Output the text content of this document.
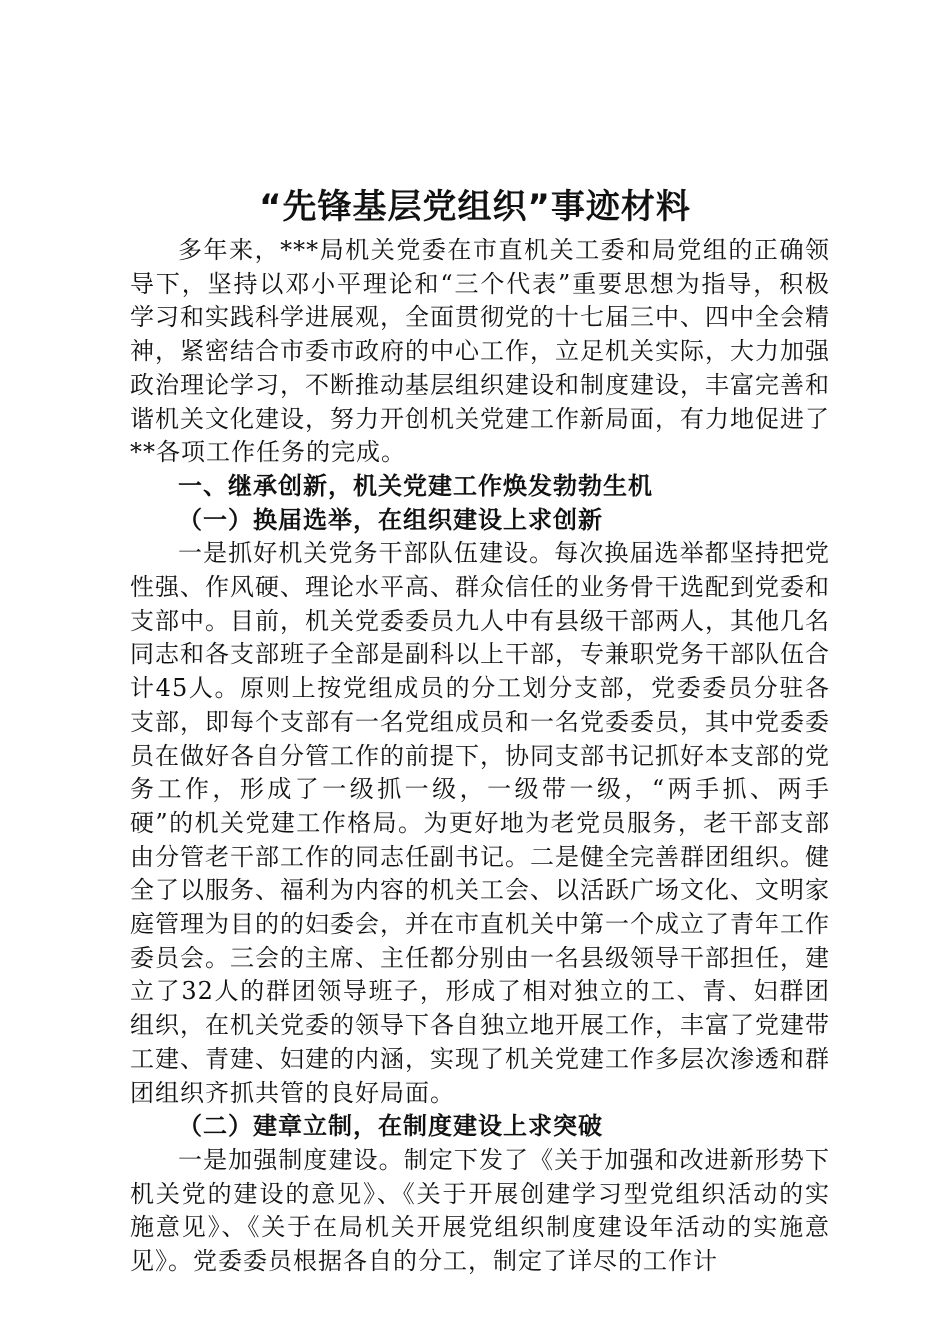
“先锋基层党组织”事迹材料

多年来，***局机关党委在市直机关工委和局党组的正确领导下，坚持以邓小平理论和“三个代表”重要思想为指导，积极学习和实践科学进展观，全面贯彻党的十七届三中、四中全会精神，紧密结合市委市政府的中心工作，立足机关实际，大力加强政治理论学习，不断推动基层组织建设和制度建设，丰富完善和谐机关文化建设，努力开创机关党建工作新局面，有力地促进了**各项工作任务的完成。

一、继承创新，机关党建工作焕发勃勃生机

（一）换届选举，在组织建设上求创新

一是抓好机关党务干部队伍建设。每次换届选举都坚持把党性强、作风硬、理论水平高、群众信任的业务骨干选配到党委和支部中。目前，机关党委委员九人中有县级干部两人，其他几名同志和各支部班子全部是副科以上干部，专兼职党务干部队伍合计45人。原则上按党组成员的分工划分支部，党委委员分驻各支部，即每个支部有一名党组成员和一名党委委员，其中党委委员在做好各自分管工作的前提下，协同支部书记抓好本支部的党务工作，形成了一级抓一级，一级带一级，“两手抓、两手硬”的机关党建工作格局。为更好地为老党员服务，老干部支部由分管老干部工作的同志任副书记。二是健全完善群团组织。健全了以服务、福利为内容的机关工会、以活跃广场文化、文明家庭管理为目的的妇委会，并在市直机关中第一个成立了青年工作委员会。三会的主席、主任都分别由一名县级领导干部担任，建立了32人的群团领导班子，形成了相对独立的工、青、妇群团组织，在机关党委的领导下各自独立地开展工作，丰富了党建带工建、青建、妇建的内涵，实现了机关党建工作多层次渗透和群团组织齐抓共管的良好局面。

（二）建章立制，在制度建设上求突破

一是加强制度建设。制定下发了《关于加强和改进新形势下机关党的建设的意见》、《关于开展创建学习型党组织活动的实施意见》、《关于在局机关开展党组织制度建设年活动的实施意见》。党委委员根据各自的分工，制定了详尽的工作计
